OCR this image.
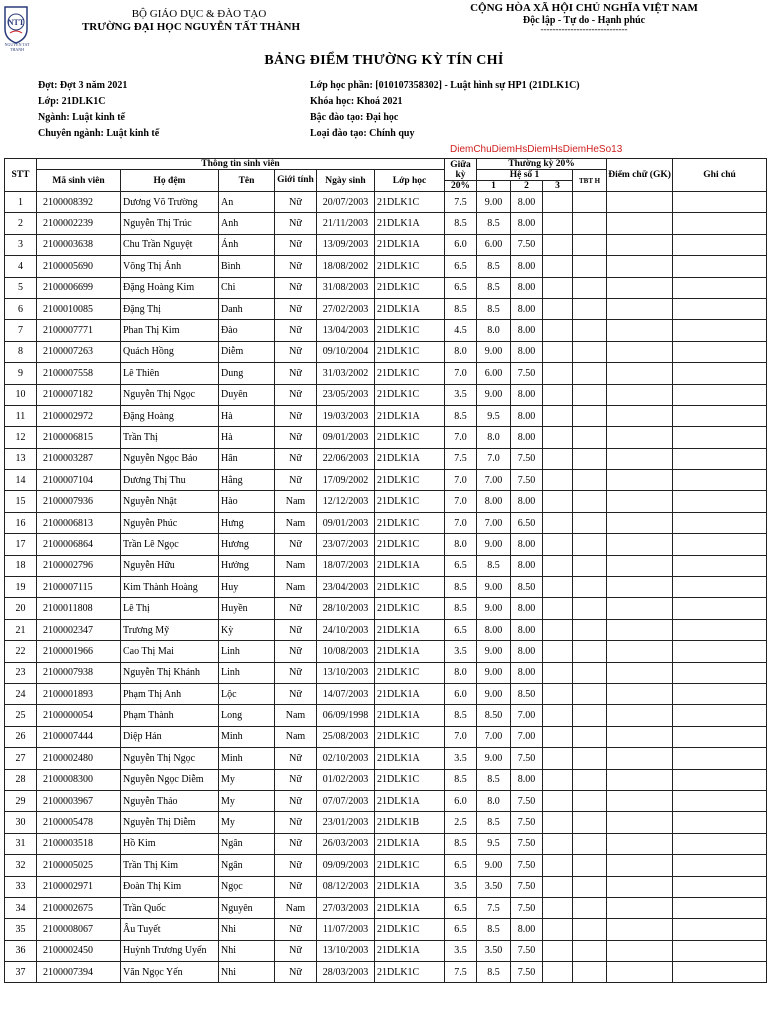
NTT
NGUYEN TAT THANH
BỘ GIÁO DỤC & ĐÀO TẠO
TRƯỜNG ĐẠI HỌC NGUYỄN TẤT THÀNH
CỘNG HÒA XÃ HỘI CHỦ NGHĨA VIỆT NAM
Độc lập - Tự do - Hạnh phúc
-----------------------------
BẢNG ĐIỂM THƯỜNG KỲ TÍN CHỈ
Đợt: Đợt 3 năm 2021
Lớp: 21DLK1C
Ngành: Luật kinh tế
Chuyên ngành: Luật kinh tế
Lớp học phần: [010107358302] - Luật hình sự HP1 (21DLK1C)
Khóa học: Khoá 2021
Bậc đào tạo: Đại học
Loại đào tạo: Chính quy
DiemChuDiemHsDiemHsDiemHeSo13
STT	Thông tin sinh viên						Giữa kỳ	Thường kỳ 20%				Điểm chữ (GK)	Ghi chú
	Mã sinh viên	Họ đệm	Tên	Giới tính	Ngày sinh	Lớp học		Hệ số 1			TBT H		
							20%	1	2	3			
1	2100008392	Dương Võ Trường	An	Nữ	20/07/2003	21DLK1C	7.5	9.00	8.00				
2	2100002239	Nguyễn Thị Trúc	Anh	Nữ	21/11/2003	21DLK1A	8.5	8.5	8.00				
3	2100003638	Chu Trần Nguyệt	Ánh	Nữ	13/09/2003	21DLK1A	6.0	6.00	7.50				
4	2100005690	Võng Thị Ánh	Bình	Nữ	18/08/2002	21DLK1C	6.5	8.5	8.00				
5	2100006699	Đặng Hoàng Kim	Chi	Nữ	31/08/2003	21DLK1C	6.5	8.5	8.00				
6	2100010085	Đặng Thị	Danh	Nữ	27/02/2003	21DLK1A	8.5	8.5	8.00				
7	2100007771	Phan Thị Kim	Đào	Nữ	13/04/2003	21DLK1C	4.5	8.0	8.00				
8	2100007263	Quách Hồng	Diễm	Nữ	09/10/2004	21DLK1C	8.0	9.00	8.00				
9	2100007558	Lê Thiên	Dung	Nữ	31/03/2002	21DLK1C	7.0	6.00	7.50				
10	2100007182	Nguyễn Thị Ngọc	Duyên	Nữ	23/05/2003	21DLK1C	3.5	9.00	8.00				
11	2100002972	Đặng Hoàng	Hà	Nữ	19/03/2003	21DLK1A	8.5	9.5	8.00				
12	2100006815	Trần Thị	Hà	Nữ	09/01/2003	21DLK1C	7.0	8.0	8.00				
13	2100003287	Nguyễn Ngọc Bảo	Hân	Nữ	22/06/2003	21DLK1A	7.5	7.0	7.50				
14	2100007104	Dương Thị Thu	Hằng	Nữ	17/09/2002	21DLK1C	7.0	7.00	7.50				
15	2100007936	Nguyễn Nhật	Hào	Nam	12/12/2003	21DLK1C	7.0	8.00	8.00				
16	2100006813	Nguyễn Phúc	Hưng	Nam	09/01/2003	21DLK1C	7.0	7.00	6.50				
17	2100006864	Trần Lê Ngọc	Hương	Nữ	23/07/2003	21DLK1C	8.0	9.00	8.00				
18	2100002796	Nguyễn Hữu	Hưởng	Nam	18/07/2003	21DLK1A	6.5	8.5	8.00				
19	2100007115	Kim Thành Hoàng	Huy	Nam	23/04/2003	21DLK1C	8.5	9.00	8.50				
20	2100011808	Lê Thị	Huyền	Nữ	28/10/2003	21DLK1C	8.5	9.00	8.00				
21	2100002347	Trương Mỹ	Kỳ	Nữ	24/10/2003	21DLK1A	6.5	8.00	8.00				
22	2100001966	Cao Thị Mai	Linh	Nữ	10/08/2003	21DLK1A	3.5	9.00	8.00				
23	2100007938	Nguyễn Thị Khánh	Linh	Nữ	13/10/2003	21DLK1C	8.0	9.00	8.00				
24	2100001893	Phạm Thị Anh	Lộc	Nữ	14/07/2003	21DLK1A	6.0	9.00	8.50				
25	2100000054	Phạm Thành	Long	Nam	06/09/1998	21DLK1A	8.5	8.50	7.00				
26	2100007444	Diệp Hán	Minh	Nam	25/08/2003	21DLK1C	7.0	7.00	7.00				
27	2100002480	Nguyễn Thị Ngọc	Minh	Nữ	02/10/2003	21DLK1A	3.5	9.00	7.50				
28	2100008300	Nguyễn Ngọc Diễm	My	Nữ	01/02/2003	21DLK1C	8.5	8.5	8.00				
29	2100003967	Nguyễn Thảo	My	Nữ	07/07/2003	21DLK1A	6.0	8.0	7.50				
30	2100005478	Nguyễn Thị Diễm	My	Nữ	23/01/2003	21DLK1B	2.5	8.5	7.50				
31	2100003518	Hồ Kim	Ngân	Nữ	26/03/2003	21DLK1A	8.5	9.5	7.50				
32	2100005025	Trần Thị Kim	Ngân	Nữ	09/09/2003	21DLK1C	6.5	9.00	7.50				
33	2100002971	Đoàn Thị Kim	Ngọc	Nữ	08/12/2003	21DLK1A	3.5	3.50	7.50				
34	2100002675	Trần Quốc	Nguyên	Nam	27/03/2003	21DLK1A	6.5	7.5	7.50				
35	2100008067	Âu Tuyết	Nhi	Nữ	11/07/2003	21DLK1C	6.5	8.5	8.00				
36	2100002450	Huỳnh Trương Uyển	Nhi	Nữ	13/10/2003	21DLK1A	3.5	3.50	7.50				
37	2100007394	Văn Ngọc Yến	Nhi	Nữ	28/03/2003	21DLK1C	7.5	8.5	7.50				
